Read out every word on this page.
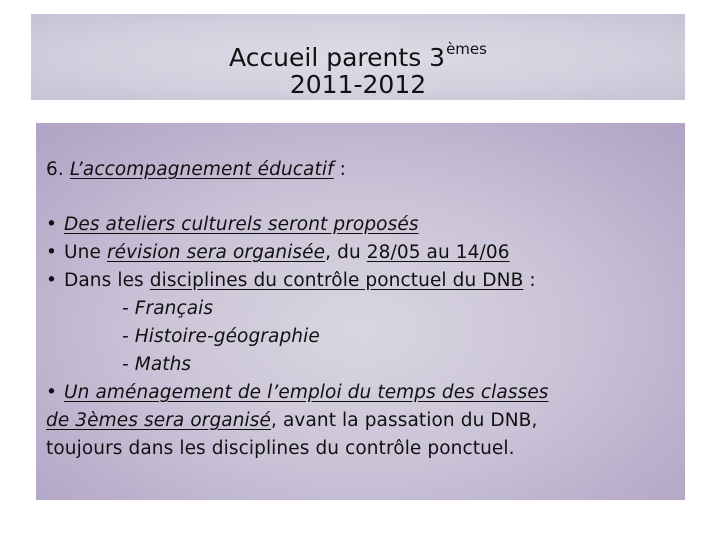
Accueil parents 3èmes
2011-2012
6. L’accompagnement éducatif :
• Des ateliers culturels seront proposés
• Une révision sera organisée, du 28/05 au 14/06
• Dans les disciplines du contrôle ponctuel du DNB :
- Français
- Histoire-géographie
- Maths
• Un aménagement de l’emploi du temps des classes
de 3èmes sera organisé, avant la passation du DNB,
toujours dans les disciplines du contrôle ponctuel.
